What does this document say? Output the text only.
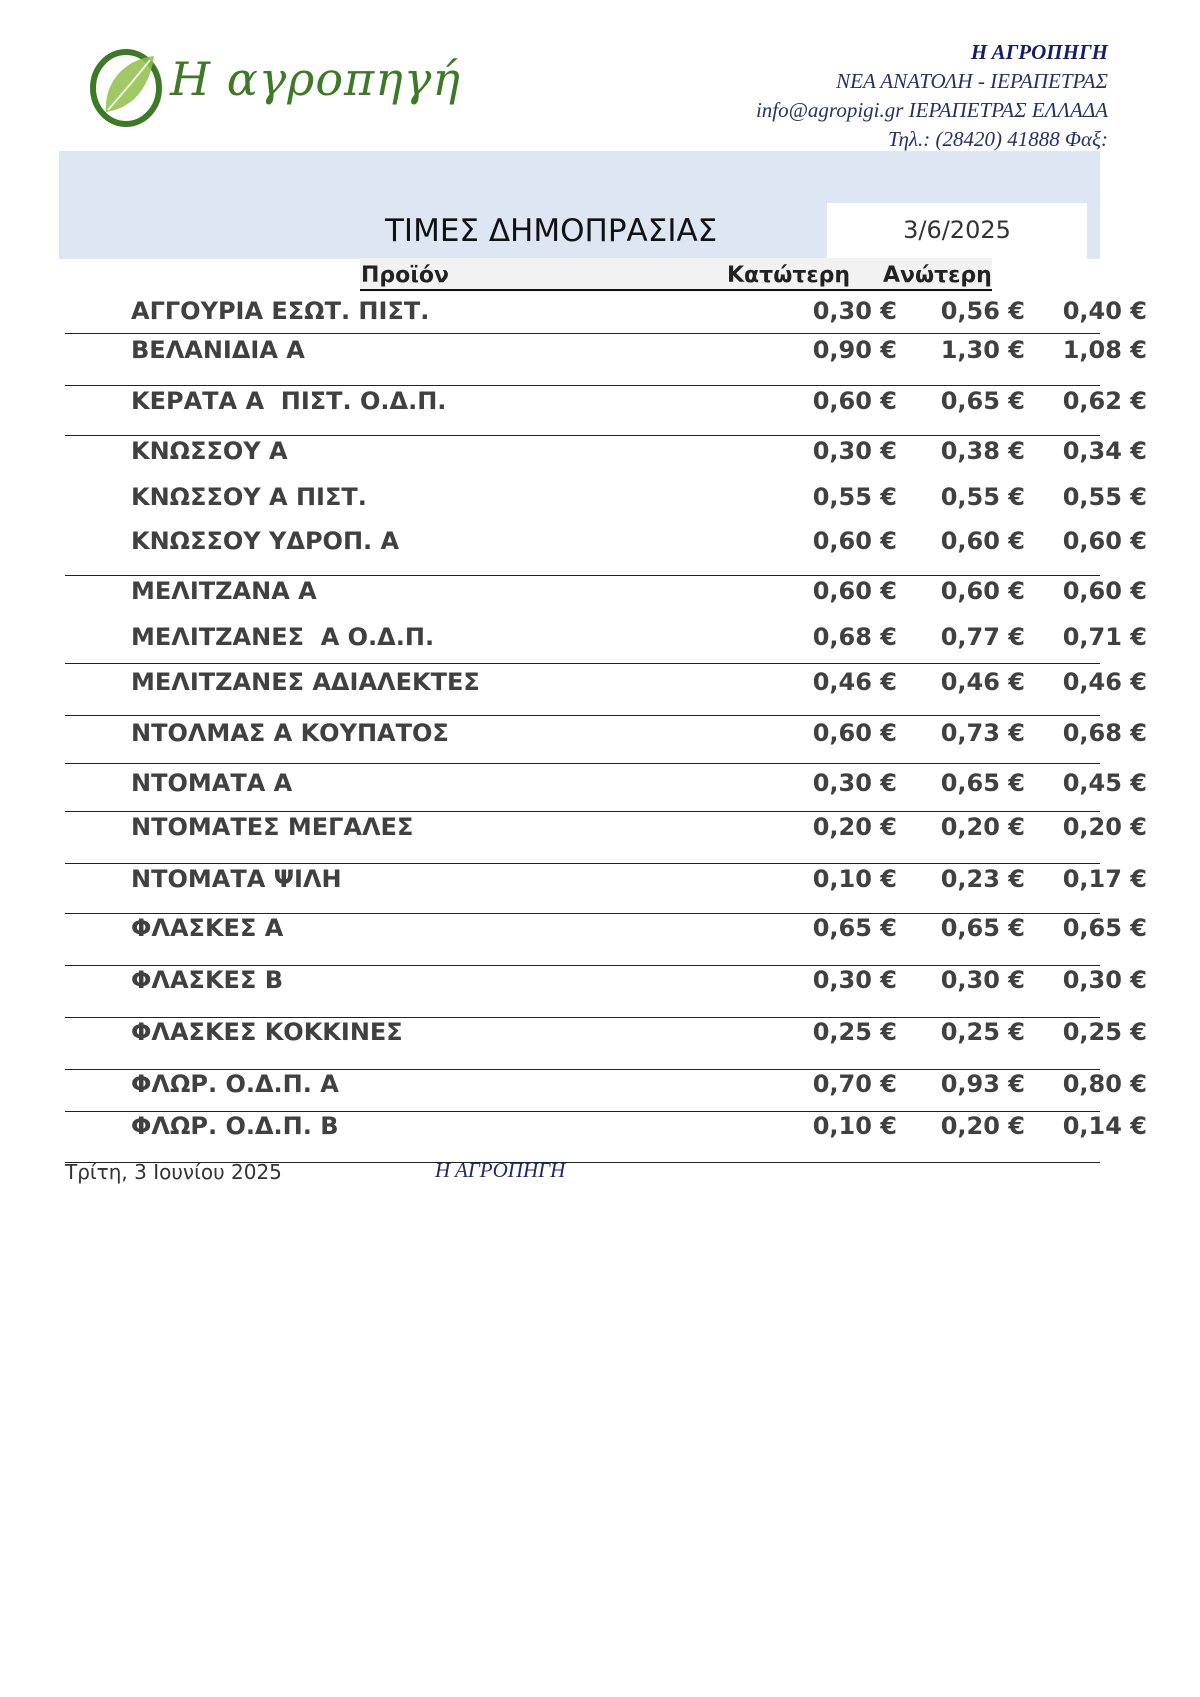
Η αγροπηγή	Η ΑΓΡΟΠΗΓΗ
ΝΕΑ ΑΝΑΤΟΛΗ - ΙΕΡΑΠΕΤΡΑΣ
info@agropigi.gr ΙΕΡΑΠΕΤΡΑΣ ΕΛΛΑΔΑ
Τηλ.: (28420) 41888 Φαξ:
ΤΙΜΕΣ ΔΗΜΟΠΡΑΣΙΑΣ	3/6/2025
Προϊόν	Κατώτερη Ανώτερη
ΑΓΓΟΥΡΙΑ ΕΣΩΤ. ΠΙΣΤ.	0,30 €	0,56 €	0,40 €
ΒΕΛΑΝΙΔΙΑ Α	0,90 €	1,30 €	1,08 €
ΚΕΡΑΤΑ Α  ΠΙΣΤ. Ο.Δ.Π.	0,60 €	0,65 €	0,62 €
ΚΝΩΣΣΟΥ Α	0,30 €	0,38 €	0,34 €
ΚΝΩΣΣΟΥ Α ΠΙΣΤ.	0,55 €	0,55 €	0,55 €
ΚΝΩΣΣΟΥ ΥΔΡΟΠ. Α	0,60 €	0,60 €	0,60 €
ΜΕΛΙΤΖΑΝΑ Α	0,60 €	0,60 €	0,60 €
ΜΕΛΙΤΖΑΝΕΣ  Α Ο.Δ.Π.	0,68 €	0,77 €	0,71 €
ΜΕΛΙΤΖΑΝΕΣ ΑΔΙΑΛΕΚΤΕΣ	0,46 €	0,46 €	0,46 €
ΝΤΟΛΜΑΣ Α ΚΟΥΠΑΤΟΣ	0,60 €	0,73 €	0,68 €
ΝΤΟΜΑΤΑ Α	0,30 €	0,65 €	0,45 €
ΝΤΟΜΑΤΕΣ ΜΕΓΑΛΕΣ	0,20 €	0,20 €	0,20 €
ΝΤΟΜΑΤΑ ΨΙΛΗ	0,10 €	0,23 €	0,17 €
ΦΛΑΣΚΕΣ Α	0,65 €	0,65 €	0,65 €
ΦΛΑΣΚΕΣ Β	0,30 €	0,30 €	0,30 €
ΦΛΑΣΚΕΣ ΚΟΚΚΙΝΕΣ	0,25 €	0,25 €	0,25 €
ΦΛΩΡ. Ο.Δ.Π. Α	0,70 €	0,93 €	0,80 €
ΦΛΩΡ. Ο.Δ.Π. Β	0,10 €	0,20 €	0,14 €
Τρίτη, 3 Ιουνίου 2025	Η ΑΓΡΟΠΗΓΗ
